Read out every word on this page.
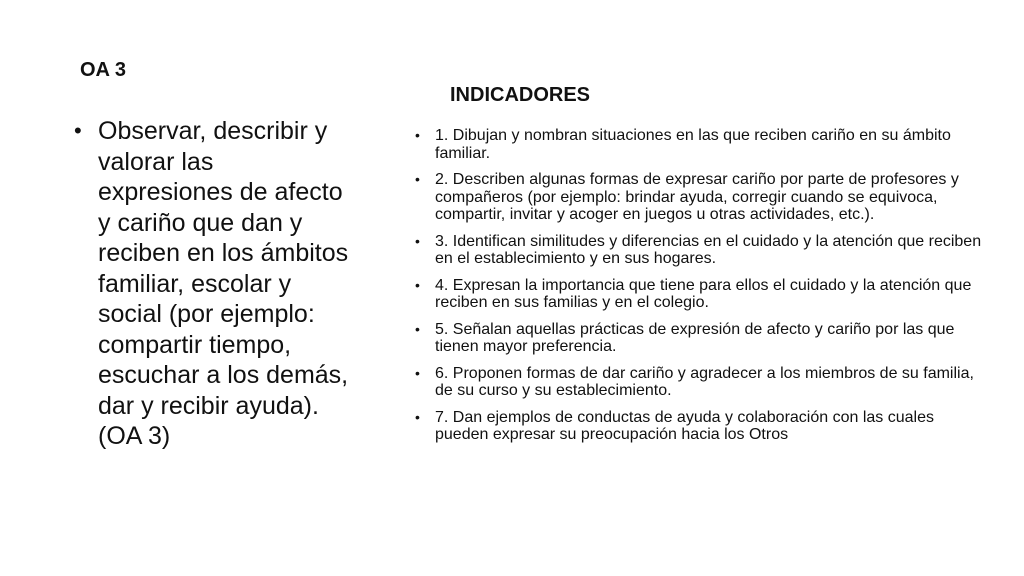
OA 3
INDICADORES
• Observar, describir y valorar las expresiones de afecto y cariño que dan y reciben en los ámbitos familiar, escolar y social (por ejemplo: compartir tiempo, escuchar a los demás, dar y recibir ayuda). (OA 3)
• 1. Dibujan y nombran situaciones en las que reciben cariño en su ámbito familiar.
• 2. Describen algunas formas de expresar cariño por parte de profesores y compañeros (por ejemplo: brindar ayuda, corregir cuando se equivoca, compartir, invitar y acoger en juegos u otras actividades, etc.).
• 3. Identifican similitudes y diferencias en el cuidado y la atención que reciben en el establecimiento y en sus hogares.
• 4. Expresan la importancia que tiene para ellos el cuidado y la atención que reciben en sus familias y en el colegio.
• 5. Señalan aquellas prácticas de expresión de afecto y cariño por las que tienen mayor preferencia.
• 6. Proponen formas de dar cariño y agradecer a los miembros de su familia, de su curso y su establecimiento.
• 7. Dan ejemplos de conductas de ayuda y colaboración con las cuales pueden expresar su preocupación hacia los Otros
